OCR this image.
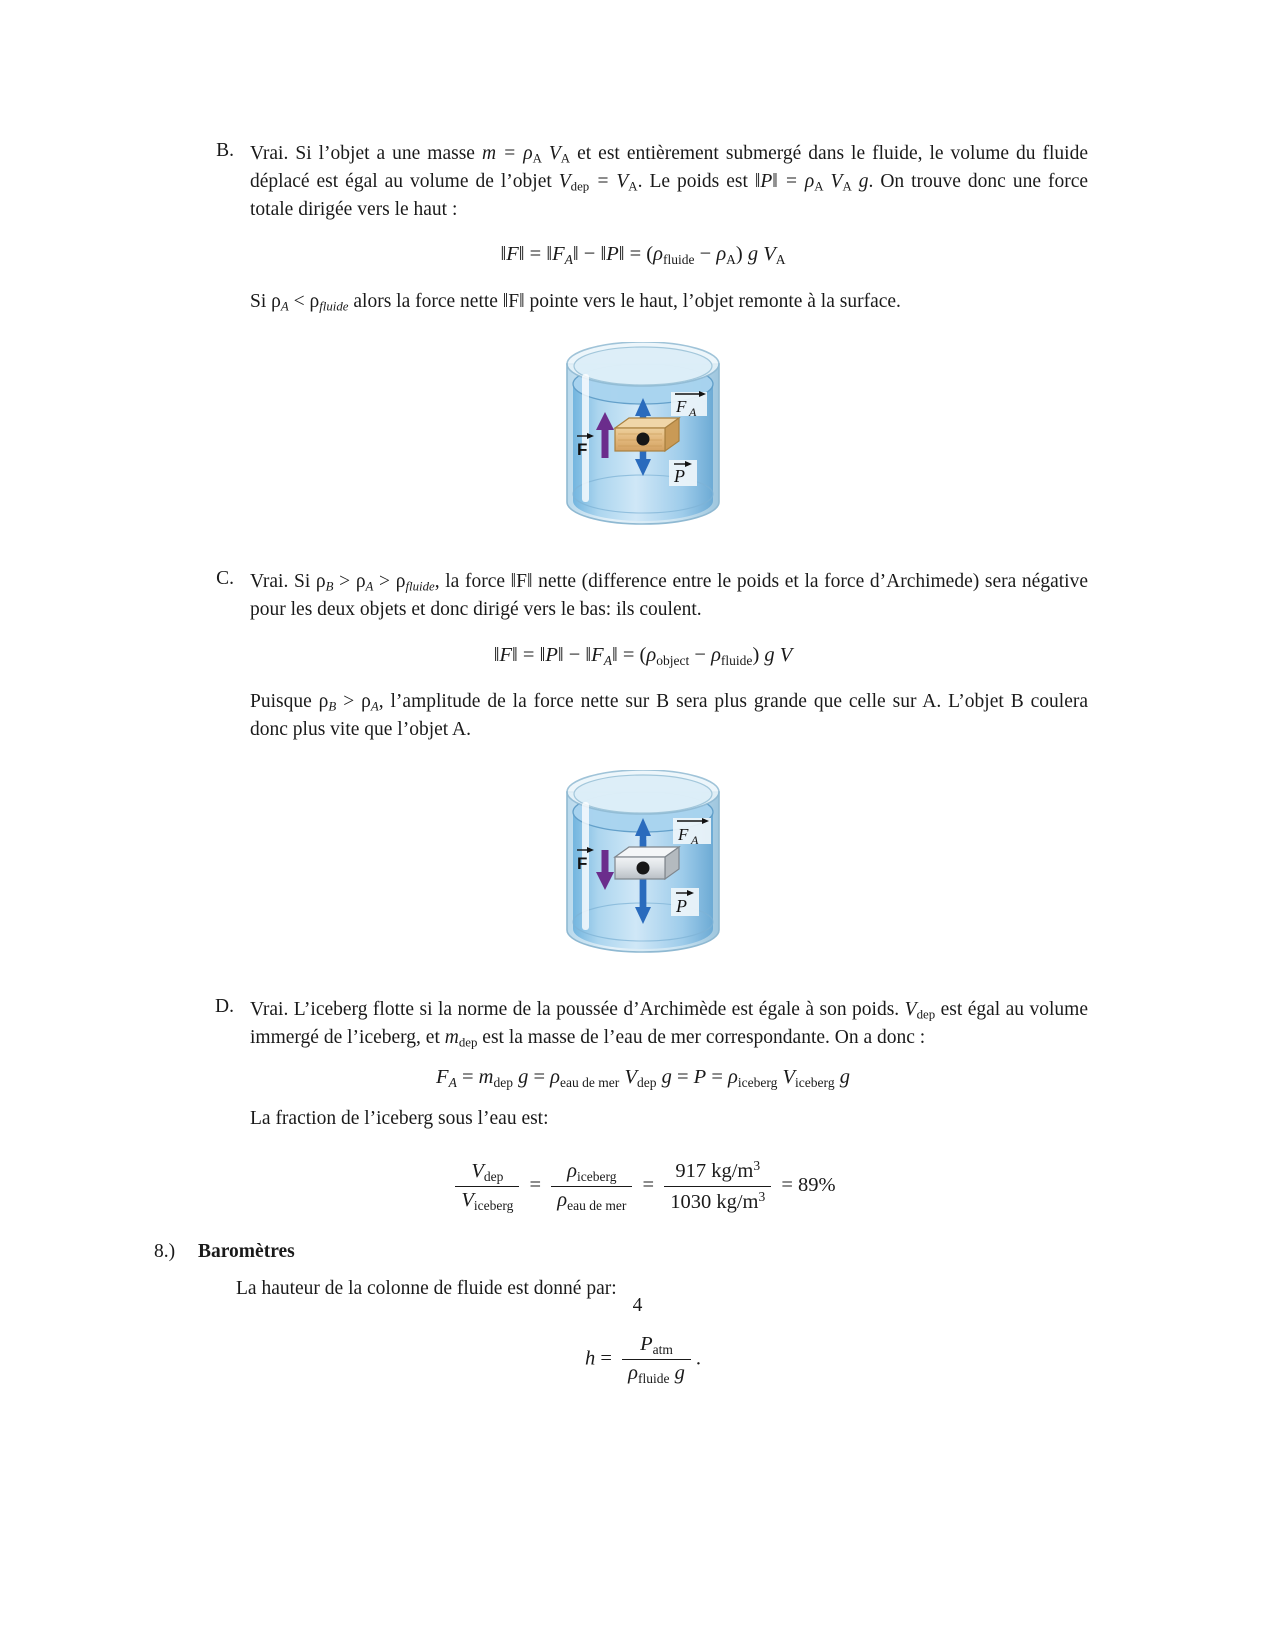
B. Vrai. Si l’objet a une masse $m = \rho_A$ $V_A$ et est entièrement submergé dans le fluide, le volume du fluide déplacé est égal au volume de l’objet $V_{dep} = V_A$. Le poids est ‖P‖ = $\rho_A$ $V_A$ g. On trouve donc une force totale dirigée vers le haut :
‖F‖ = $‖F_A‖$ − ‖P‖ = $(\rho_{fluide} - \rho_A)$ g $V_A$
Si $\rho_A < \rho_{fluide}$ alors la force nette ‖F‖ pointe vers le haut, l’objet remonte à la surface.
F A
P
F
C. Vrai. Si $\rho_B > \rho_A > \rho_{fluide}$, la force ‖F‖ nette (difference entre le poids et la force d’Archimede) sera négative pour les deux objets et donc dirigé vers le bas: ils coulent.
‖F‖ = ‖P‖ − $‖F_A‖ = (\rho_{object} - \rho_{fluide})$ g V
Puisque $\rho_B > \rho_A$, l’amplitude de la force nette sur B sera plus grande que celle sur A. L’objet B coulera donc plus vite que l’objet A.
F A
P
F
D. Vrai. L’iceberg flotte si la norme de la poussée d’Archimède est égale à son poids. $V_{dep}$ est égal au volume immergé de l’iceberg, et $m_{dep}$ est la masse de l’eau de mer correspondante. On a donc :
$F_A = m_{dep}$ $g = \rho_{eau de mer}$ $V_{dep}$ $g = P = \rho_{iceberg}$ $V_{iceberg}$ g
La fraction de l’iceberg sous l’eau est:
$\frac{V_{dep}}{V_{iceberg}} = \frac{\rho_{iceberg}}{\rho_{eau de mer}} = \frac{917 kg/m^3}{1030 kg/m^3} = 89\%$
8.) Baromètres
La hauteur de la colonne de fluide est donné par:
$h = \frac{P_{atm}}{\rho_{fluide} g}$ .
4
